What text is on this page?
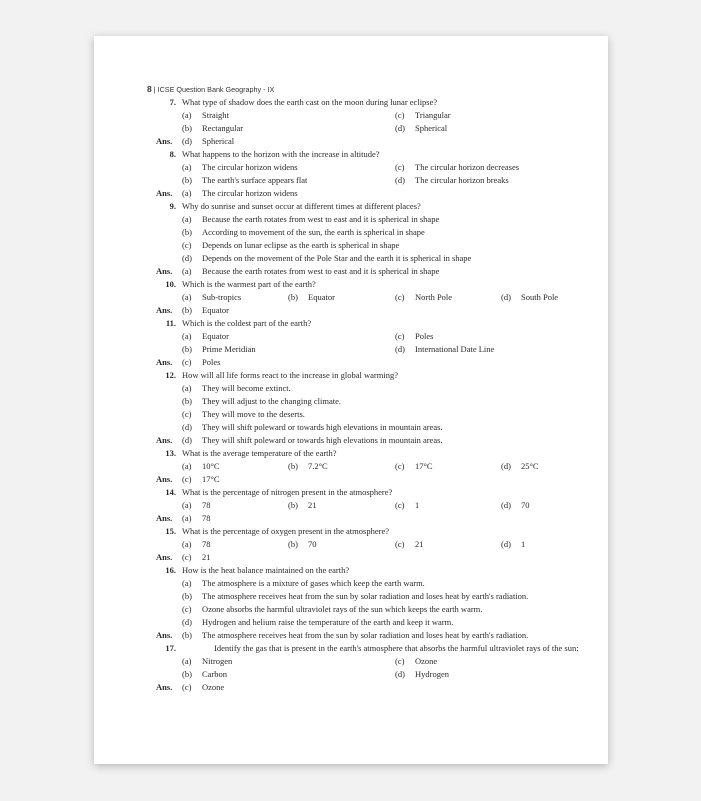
8 | ICSE Question Bank Geography - IX
7. What type of shadow does the earth cast on the moon during lunar eclipse?
(a) Straight	(c) Triangular
(b) Rectangular	(d) Spherical
Ans. (d) Spherical
8. What happens to the horizon with the increase in altitude?
(a) The circular horizon widens	(c) The circular horizon decreases
(b) The earth's surface appears flat	(d) The circular horizon breaks
Ans. (a) The circular horizon widens
9. Why do sunrise and sunset occur at different times at different places?
(a) Because the earth rotates from west to east and it is spherical in shape
(b) According to movement of the sun, the earth is spherical in shape
(c) Depends on lunar eclipse as the earth is spherical in shape
(d) Depends on the movement of the Pole Star and the earth it is spherical in shape
Ans. (a) Because the earth rotates from west to east and it is spherical in shape
10. Which is the warmest part of the earth?
(a) Sub-tropics	(b) Equator	(c) North Pole	(d) South Pole
Ans. (b) Equator
11. Which is the coldest part of the earth?
(a) Equator	(c) Poles
(b) Prime Meridian	(d) International Date Line
Ans. (c) Poles
12. How will all life forms react to the increase in global warming?
(a) They will become extinct.
(b) They will adjust to the changing climate.
(c) They will move to the deserts.
(d) They will shift poleward or towards high elevations in mountain areas.
Ans. (d) They will shift poleward or towards high elevations in mountain areas.
13. What is the average temperature of the earth?
(a) 10°C	(b) 7.2°C	(c) 17°C	(d) 25°C
Ans. (c) 17°C
14. What is the percentage of nitrogen present in the atmosphere?
(a) 78	(b) 21	(c) 1	(d) 70
Ans. (a) 78
15. What is the percentage of oxygen present in the atmosphere?
(a) 78	(b) 70	(c) 21	(d) 1
Ans. (c) 21
16. How is the heat balance maintained on the earth?
(a) The atmosphere is a mixture of gases which keep the earth warm.
(b) The atmosphere receives heat from the sun by solar radiation and loses heat by earth's radiation.
(c) Ozone absorbs the harmful ultraviolet rays of the sun which keeps the earth warm.
(d) Hydrogen and helium raise the temperature of the earth and keep it warm.
Ans. (b) The atmosphere receives heat from the sun by solar radiation and loses heat by earth's radiation.
17.	Identify the gas that is present in the earth's atmosphere that absorbs the harmful ultraviolet rays of the sun:
(a) Nitrogen	(c) Ozone
(b) Carbon	(d) Hydrogen
Ans. (c) Ozone
